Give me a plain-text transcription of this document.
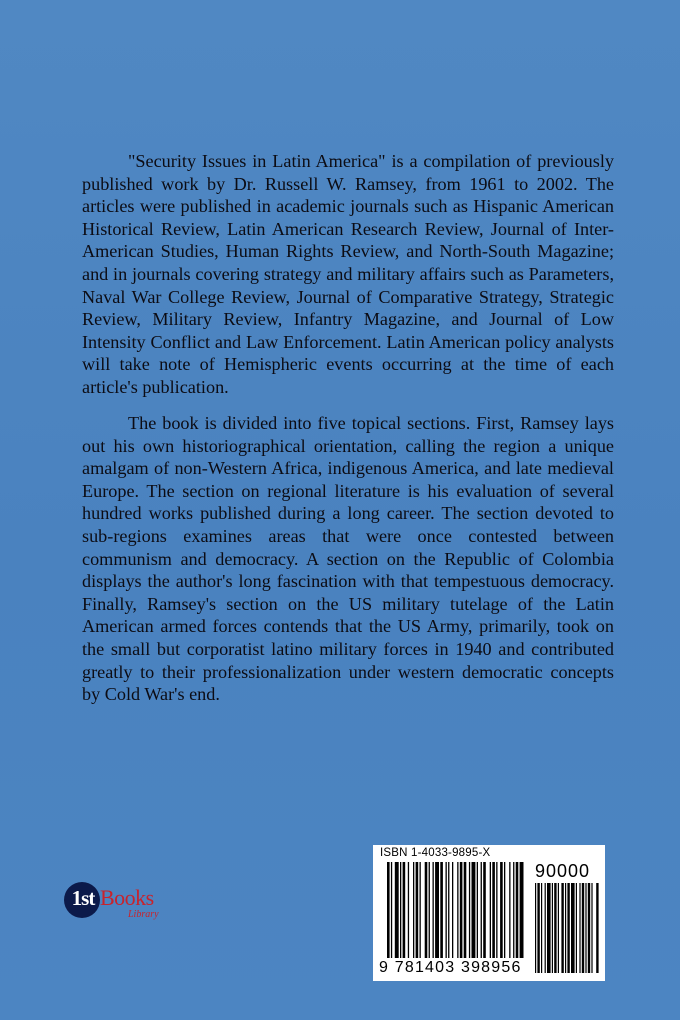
"Security Issues in Latin America" is a compilation of previously published work by Dr. Russell W. Ramsey, from 1961 to 2002. The articles were published in academic journals such as Hispanic American Historical Review, Latin American Research Review, Journal of Inter-American Studies, Human Rights Review, and North-South Magazine; and in journals covering strategy and military affairs such as Parameters, Naval War College Review, Journal of Comparative Strategy, Strategic Review, Military Review, Infantry Magazine, and Journal of Low Intensity Conflict and Law Enforcement. Latin American policy analysts will take note of Hemispheric events occurring at the time of each article's publication.

The book is divided into five topical sections. First, Ramsey lays out his own historiographical orientation, calling the region a unique amalgam of non-Western Africa, indigenous America, and late medieval Europe. The section on regional literature is his evaluation of several hundred works published during a long career. The section devoted to sub-regions examines areas that were once contested between communism and democracy. A section on the Republic of Colombia displays the author's long fascination with that tempestuous democracy. Finally, Ramsey's section on the US military tutelage of the Latin American armed forces contends that the US Army, primarily, took on the small but corporatist latino military forces in 1940 and contributed greatly to their professionalization under western democratic concepts by Cold War's end.

1st Books
Library
ISBN 1-4033-9895-X
90000
9 781403 398956
